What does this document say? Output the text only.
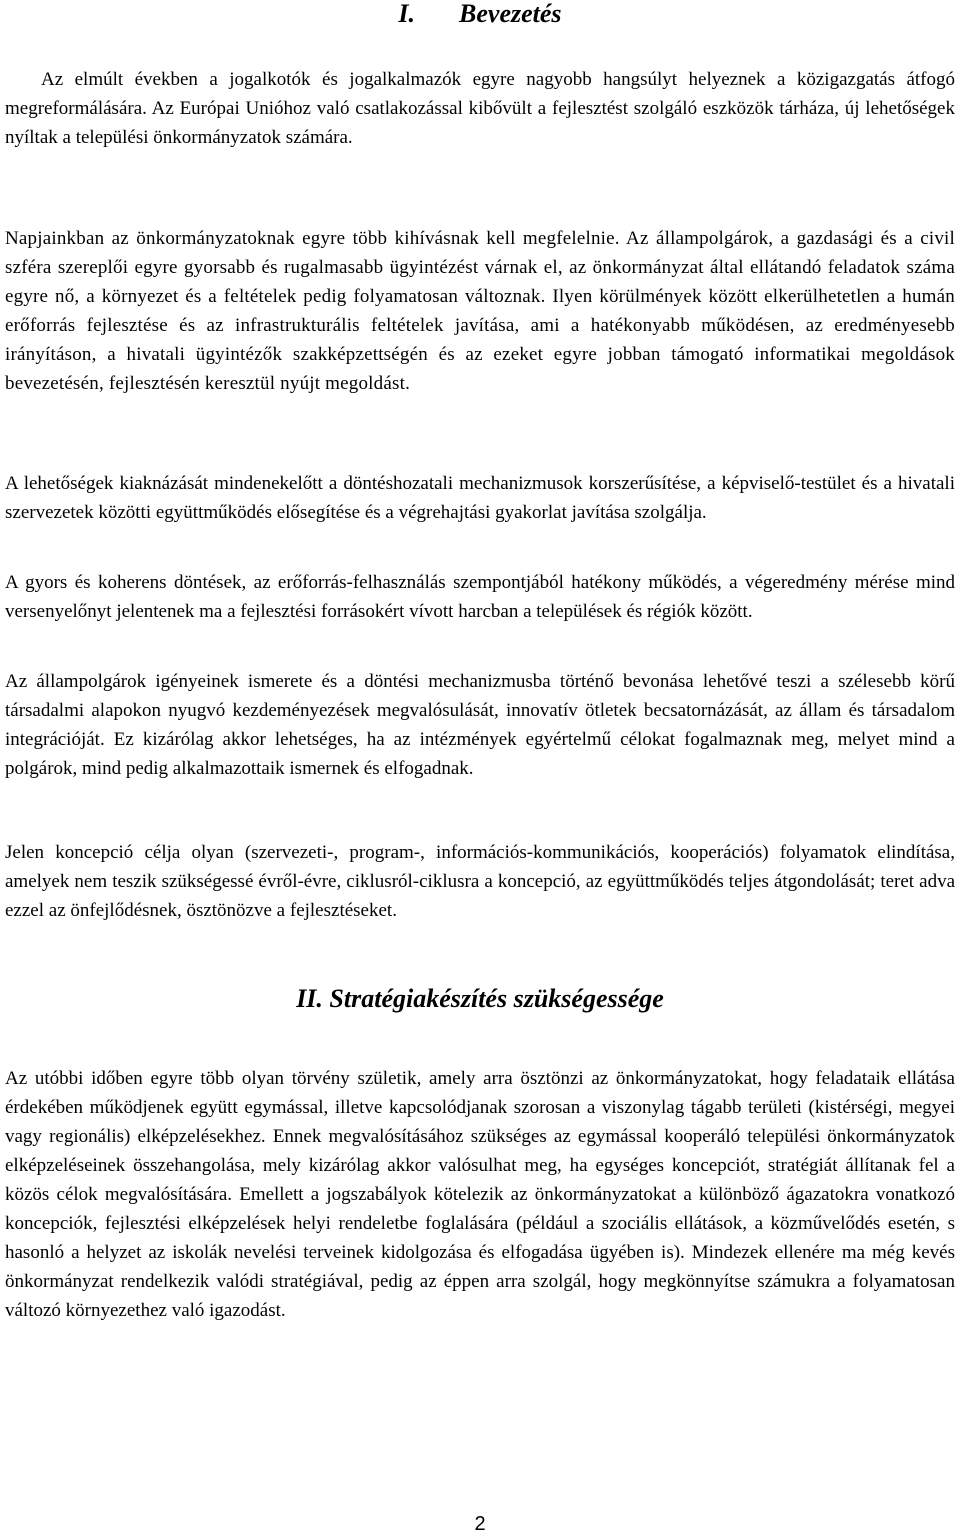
I. Bevezetés

Az elmúlt években a jogalkotók és jogalkalmazók egyre nagyobb hangsúlyt helyeznek a közigazgatás átfogó megreformálására. Az Európai Unióhoz való csatlakozással kibővült a fejlesztést szolgáló eszközök tárháza, új lehetőségek nyíltak a települési önkormányzatok számára.

Napjainkban az önkormányzatoknak egyre több kihívásnak kell megfelelnie. Az állampolgárok, a gazdasági és a civil szféra szereplői egyre gyorsabb és rugalmasabb ügyintézést várnak el, az önkormányzat által ellátandó feladatok száma egyre nő, a környezet és a feltételek pedig folyamatosan változnak. Ilyen körülmények között elkerülhetetlen a humán erőforrás fejlesztése és az infrastrukturális feltételek javítása, ami a hatékonyabb működésen, az eredményesebb irányításon, a hivatali ügyintézők szakképzettségén és az ezeket egyre jobban támogató informatikai megoldások bevezetésén, fejlesztésén keresztül nyújt megoldást.

A lehetőségek kiaknázását mindenekelőtt a döntéshozatali mechanizmusok korszerűsítése, a képviselő-testület és a hivatali szervezetek közötti együttműködés elősegítése és a végrehajtási gyakorlat javítása szolgálja.

A gyors és koherens döntések, az erőforrás-felhasználás szempontjából hatékony működés, a végeredmény mérése mind versenyelőnyt jelentenek ma a fejlesztési forrásokért vívott harcban a települések és régiók között.

Az állampolgárok igényeinek ismerete és a döntési mechanizmusba történő bevonása lehetővé teszi a szélesebb körű társadalmi alapokon nyugvó kezdeményezések megvalósulását, innovatív ötletek becsatornázását, az állam és társadalom integrációját. Ez kizárólag akkor lehetséges, ha az intézmények egyértelmű célokat fogalmaznak meg, melyet mind a polgárok, mind pedig alkalmazottaik ismernek és elfogadnak.

Jelen koncepció célja olyan (szervezeti-, program-, információs-kommunikációs, kooperációs) folyamatok elindítása, amelyek nem teszik szükségessé évről-évre, ciklusról-ciklusra a koncepció, az együttműködés teljes átgondolását; teret adva ezzel az önfejlődésnek, ösztönözve a fejlesztéseket.

II. Stratégiakészítés szükségessége

Az utóbbi időben egyre több olyan törvény születik, amely arra ösztönzi az önkormányzatokat, hogy feladataik ellátása érdekében működjenek együtt egymással, illetve kapcsolódjanak szorosan a viszonylag tágabb területi (kistérségi, megyei vagy regionális) elképzelésekhez. Ennek megvalósításához szükséges az egymással kooperáló települési önkormányzatok elképzeléseinek összehangolása, mely kizárólag akkor valósulhat meg, ha egységes koncepciót, stratégiát állítanak fel a közös célok megvalósítására. Emellett a jogszabályok kötelezik az önkormányzatokat a különböző ágazatokra vonatkozó koncepciók, fejlesztési elképzelések helyi rendeletbe foglalására (például a szociális ellátások, a közművelődés esetén, s hasonló a helyzet az iskolák nevelési terveinek kidolgozása és elfogadása ügyében is). Mindezek ellenére ma még kevés önkormányzat rendelkezik valódi stratégiával, pedig az éppen arra szolgál, hogy megkönnyítse számukra a folyamatosan változó környezethez való igazodást.

2
